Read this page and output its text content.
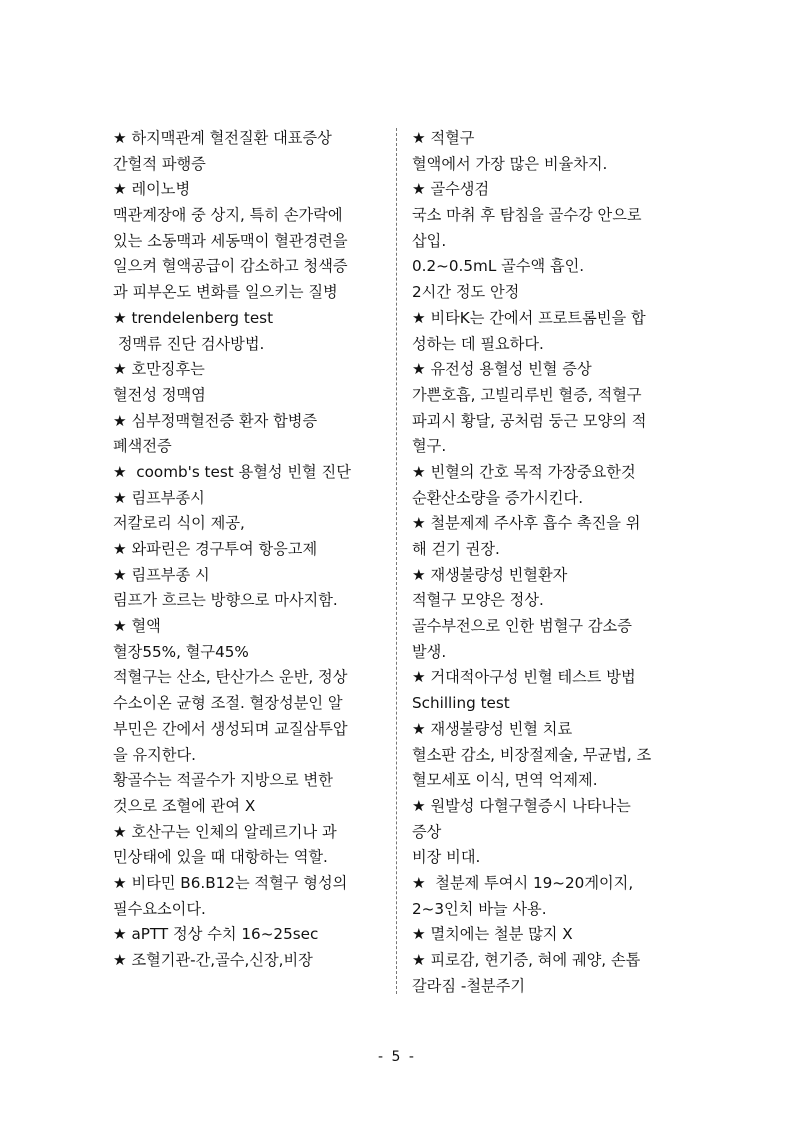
★ 하지맥관계 혈전질환 대표증상
간헐적 파행증
★ 레이노병
맥관계장애 중 상지, 특히 손가락에
있는 소동맥과 세동맥이 혈관경련을
일으켜 혈액공급이 감소하고 청색증
과 피부온도 변화를 일으키는 질병
★ trendelenberg test
정맥류 진단 검사방법.
★ 호만징후는
혈전성 정맥염
★ 심부정맥혈전증 환자 합병증
폐색전증
★  coomb's test 용혈성 빈혈 진단
★ 림프부종시
저칼로리 식이 제공,
★ 와파린은 경구투여 항응고제
★ 림프부종 시
림프가 흐르는 방향으로 마사지함.
★ 혈액
혈장55%, 혈구45%
적혈구는 산소, 탄산가스 운반, 정상
수소이온 균형 조절. 혈장성분인 알
부민은 간에서 생성되며 교질삼투압
을 유지한다.
황골수는 적골수가 지방으로 변한
것으로 조혈에 관여 X
★ 호산구는 인체의 알레르기나 과
민상태에 있을 때 대항하는 역할.
★ 비타민 B6.B12는 적혈구 형성의
필수요소이다.
★ aPTT 정상 수치 16~25sec
★ 조혈기관-간,골수,신장,비장
★ 적혈구
혈액에서 가장 많은 비율차지.
★ 골수생검
국소 마취 후 탐침을 골수강 안으로
삽입.
0.2~0.5mL 골수액 흡인.
2시간 정도 안정
★ 비타K는 간에서 프로트롬빈을 합
성하는 데 필요하다.
★ 유전성 용혈성 빈혈 증상
가쁜호흡, 고빌리루빈 혈증, 적혈구
파괴시 황달, 공처럼 둥근 모양의 적
혈구.
★ 빈혈의 간호 목적 가장중요한것
순환산소량을 증가시킨다.
★ 철분제제 주사후 흡수 촉진을 위
해 걷기 권장.
★ 재생불량성 빈혈환자
적혈구 모양은 정상.
골수부전으로 인한 범혈구 감소증
발생.
★ 거대적아구성 빈혈 테스트 방법
Schilling test
★ 재생불량성 빈혈 치료
혈소판 감소, 비장절제술, 무균법, 조
혈모세포 이식, 면역 억제제.
★ 원발성 다혈구혈증시 나타나는
증상
비장 비대.
★  철분제 투여시 19~20게이지,
2~3인치 바늘 사용.
★ 멸치에는 철분 많지 X
★ 피로감, 현기증, 혀에 궤양, 손톱
갈라짐 -철분주기
- 5 -
